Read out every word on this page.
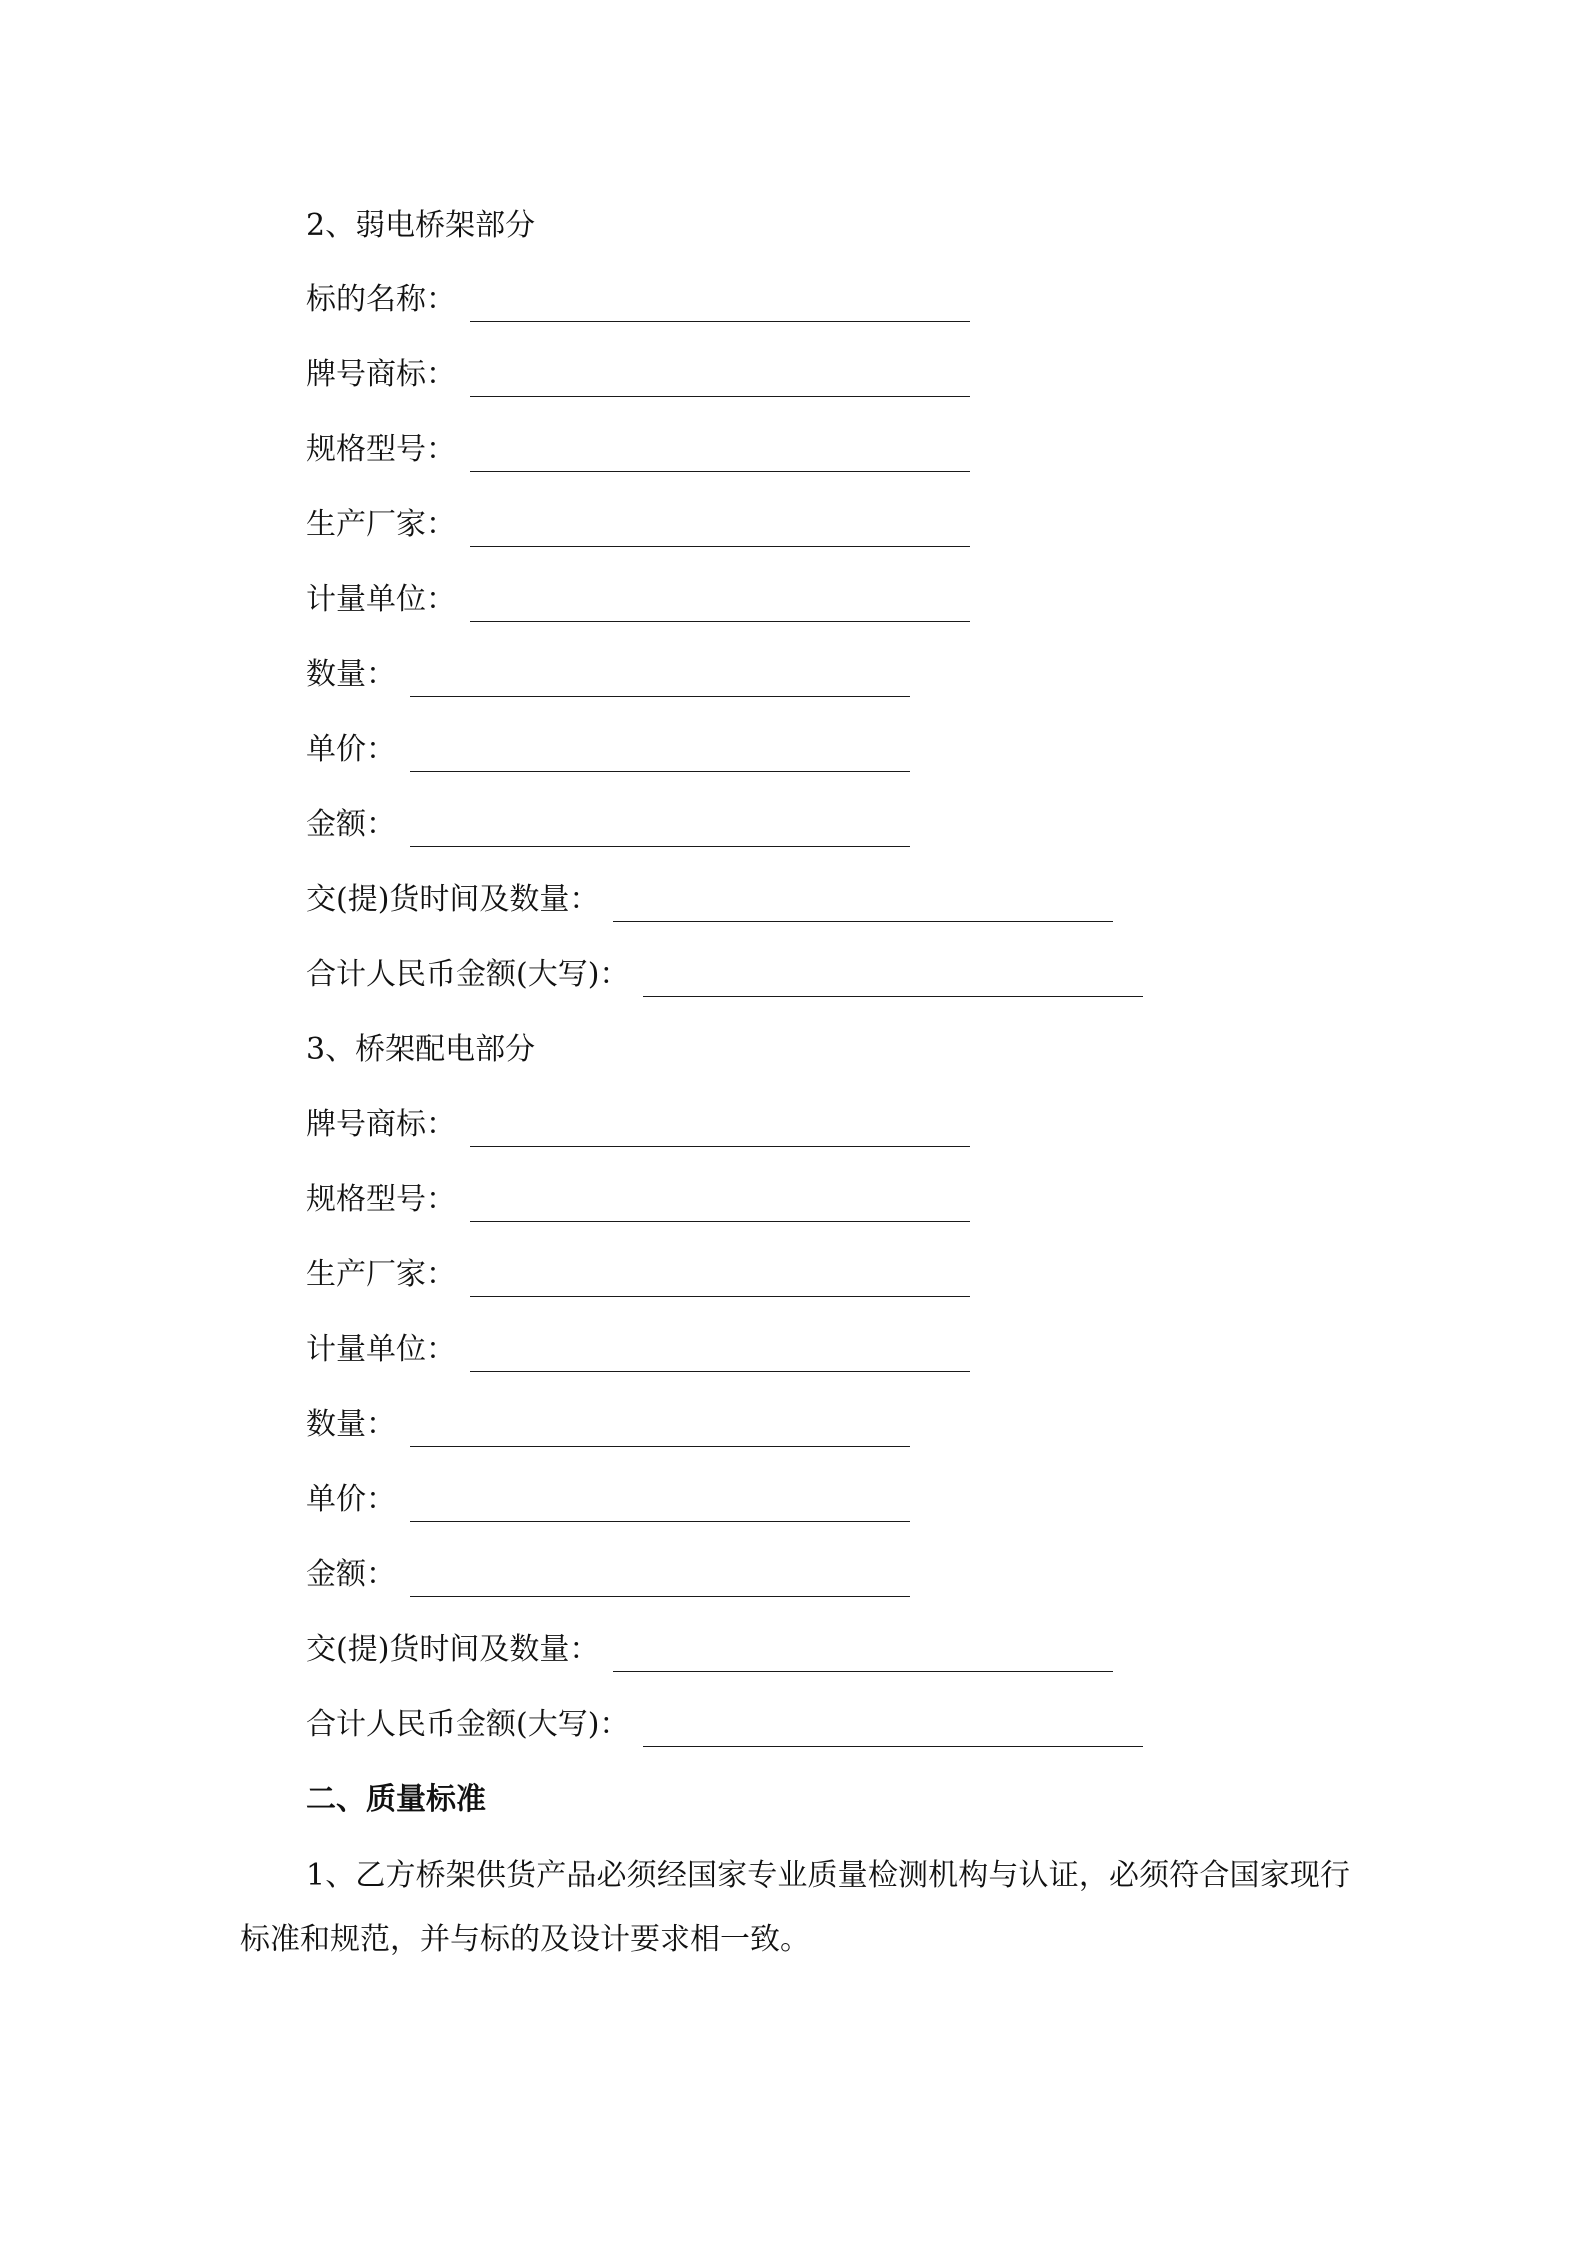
2、弱电桥架部分
标的名称：
牌号商标：
规格型号：
生产厂家：
计量单位：
数量：
单价：
金额：
交(提)货时间及数量：
合计人民币金额(大写)：
3、桥架配电部分
牌号商标：
规格型号：
生产厂家：
计量单位：
数量：
单价：
金额：
交(提)货时间及数量：
合计人民币金额(大写)：
二、质量标准
1、乙方桥架供货产品必须经国家专业质量检测机构与认证，必须符合国家现行标准和规范，并与标的及设计要求相一致。
